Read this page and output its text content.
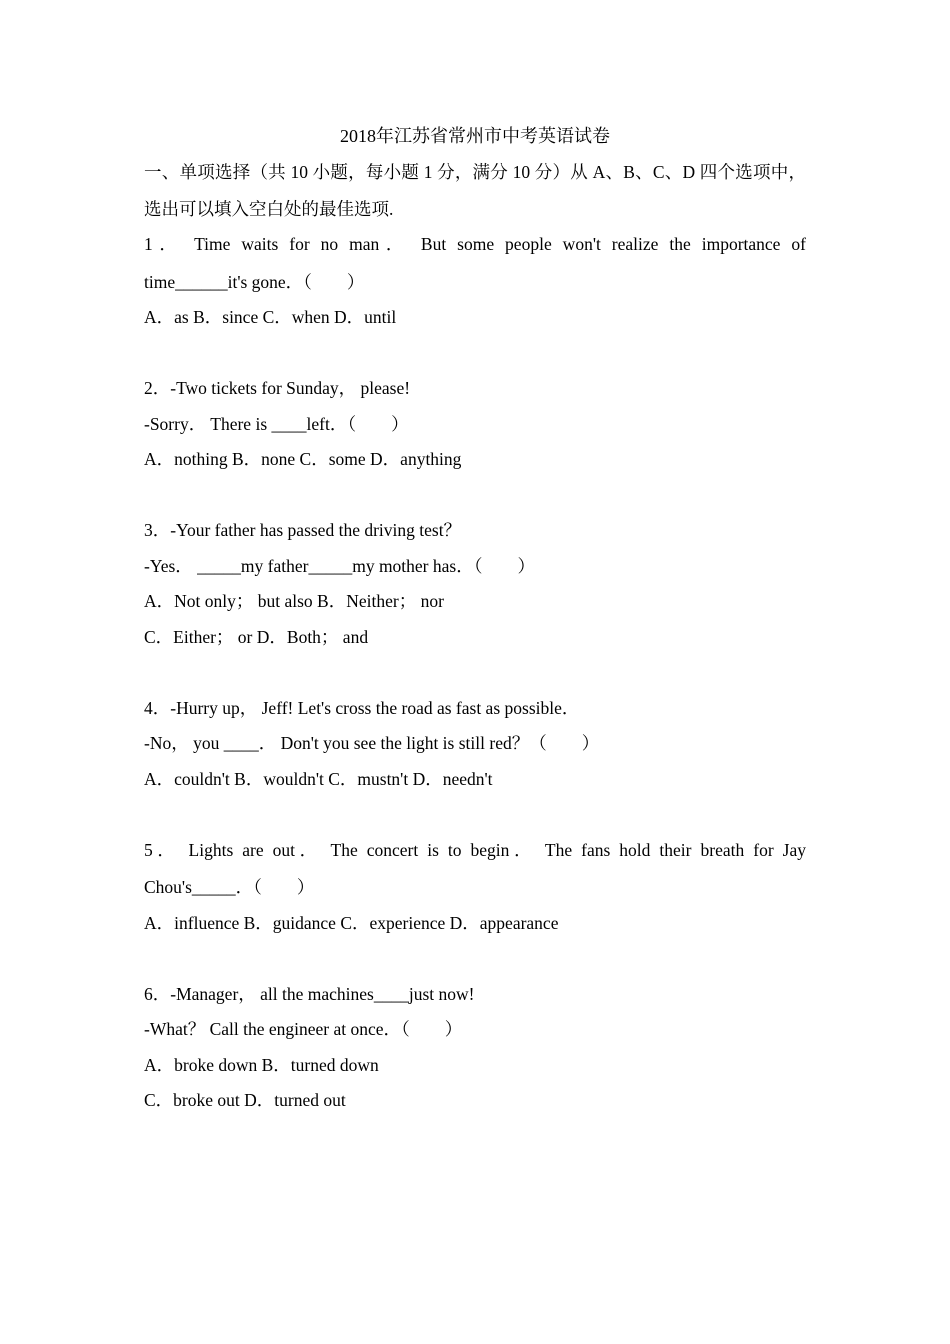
2018年江苏省常州市中考英语试卷
一、单项选择（共 10 小题，每小题 1 分，满分 10 分）从 A、B、C、D 四个选项中，
选出可以填入空白处的最佳选项.
1． Time waits for no man． But some people won't realize the importance of
time______it's gone．（　　）
A．as B．since C．when D．until
2．-Two tickets for Sunday， please!
-Sorry． There is ____left．（　　）
A．nothing B．none C．some D．anything
3．-Your father has passed the driving test？
-Yes． _____my father_____my mother has．（　　）
A．Not only； but also B．Neither； nor
C．Either； or D．Both； and
4．-Hurry up， Jeff! Let's cross the road as fast as possible．
-No， you ____． Don't you see the light is still red？（　　）
A．couldn't B．wouldn't C．mustn't D．needn't
5． Lights are out． The concert is to begin． The fans hold their breath for Jay
Chou's_____．（　　）
A．influence B．guidance C．experience D．appearance
6．-Manager， all the machines____just now!
-What？ Call the engineer at once．（　　）
A．broke down B．turned down
C．broke out D．turned out
